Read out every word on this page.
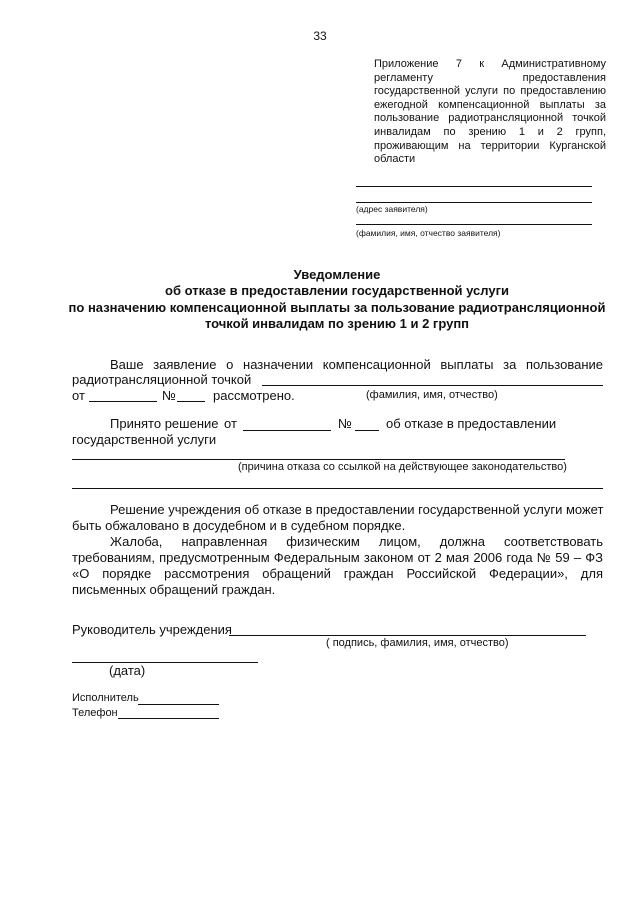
33
Приложение 7 к Административному регламенту предоставления государственной услуги по предоставлению ежегодной компенсационной выплаты за пользование радиотрансляционной точкой инвалидам по зрению 1 и 2 групп, проживающим на территории Курганской области
(адрес заявителя)
(фамилия, имя, отчество заявителя)
Уведомление
об отказе в предоставлении государственной услуги
по назначению компенсационной выплаты за пользование радиотрансляционной
точкой инвалидам по зрению 1 и 2 групп
Ваше заявление о назначении компенсационной выплаты за пользование
радиотрансляционной точкой
от	№	рассмотрено.	(фамилия, имя, отчество)
Принято решение от	№	об отказе в предоставлении
государственной услуги
(причина отказа со ссылкой на действующее законодательство)
Решение учреждения об отказе в предоставлении государственной услуги может
быть обжаловано в досудебном и в судебном порядке.
Жалоба, направленная физическим лицом, должна соответствовать
требованиям, предусмотренным Федеральным законом от 2 мая 2006 года № 59 – ФЗ
«О порядке рассмотрения обращений граждан Российской Федерации», для
письменных обращений граждан.
Руководитель учреждения
( подпись, фамилия, имя, отчество)
(дата)
Исполнитель
Телефон
